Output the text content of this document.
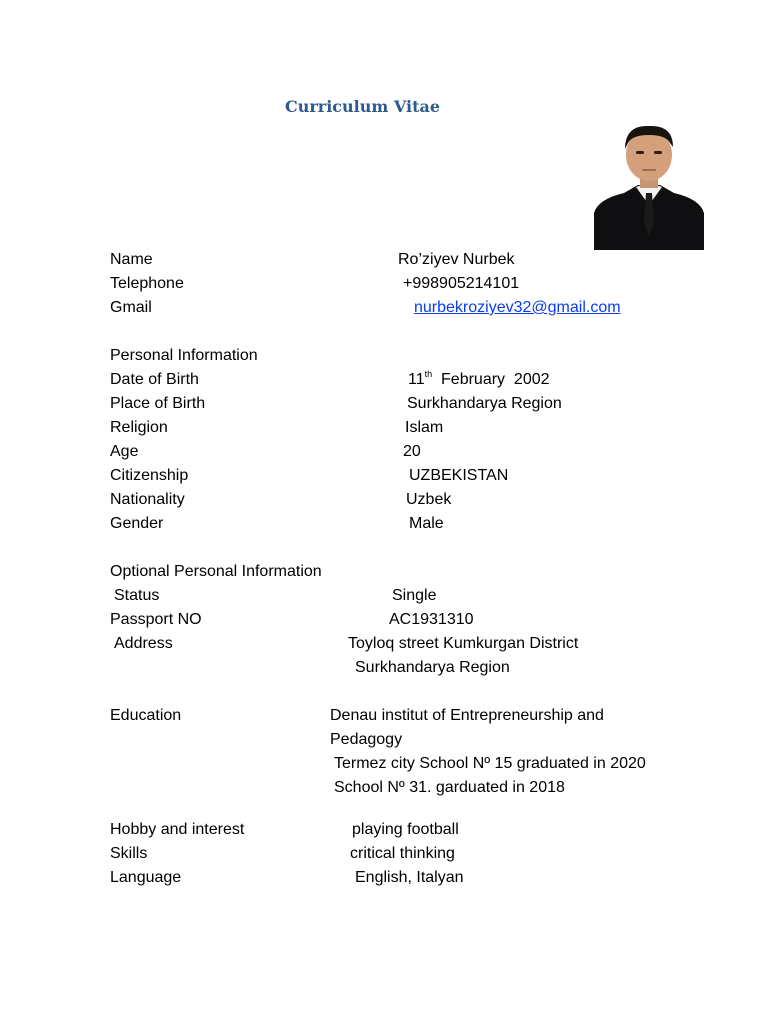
Curriculum Vitae
Name	Ro’ziyev Nurbek
Telephone	+998905214101
Gmail	nurbekroziyev32@gmail.com
Personal Information
Date of Birth	11th  February  2002
Place of Birth	Surkhandarya Region
Religion	Islam
Age	20
Citizenship	UZBEKISTAN
Nationality	Uzbek
Gender	Male
Optional Personal Information
Status	Single
Passport NO	AC1931310
Address	Toyloq street Kumkurgan District
Surkhandarya Region
Education	Denau institut of Entrepreneurship and
Pedagogy
Termez city School Nº 15 graduated in 2020
School Nº 31. garduated in 2018
Hobby and interest	playing football
Skills	critical thinking
Language	English, Italyan
